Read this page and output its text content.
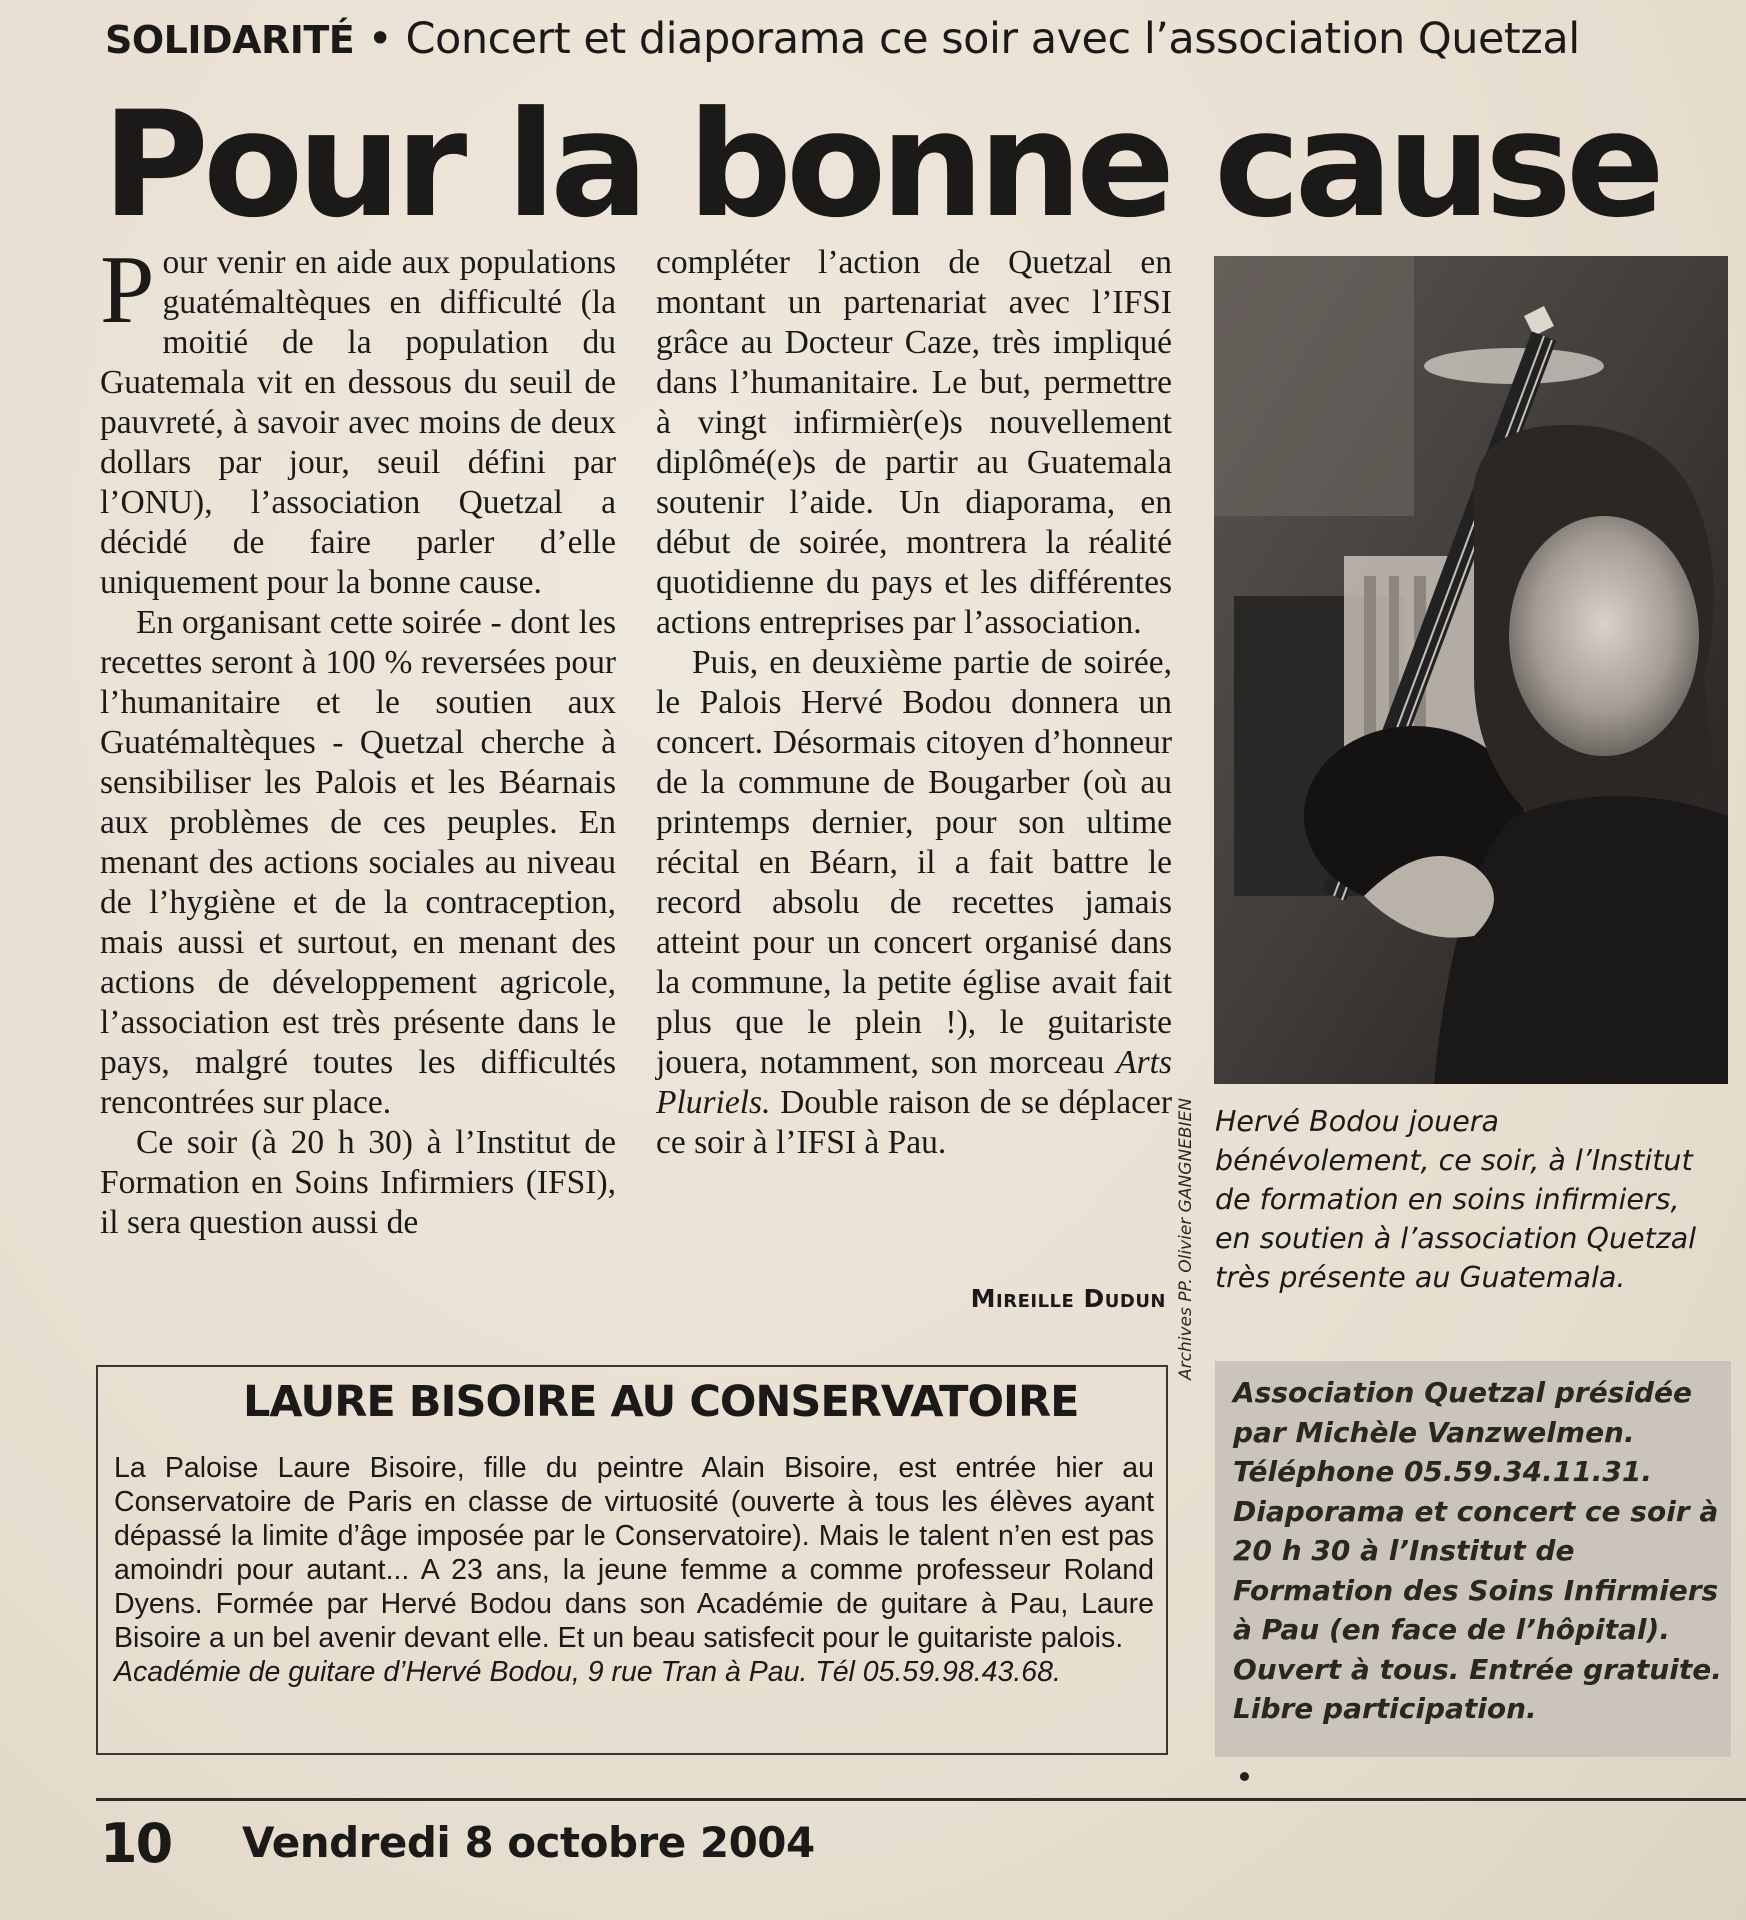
SOLIDARITÉ • Concert et diaporama ce soir avec l’association Quetzal
Pour la bonne cause

Pour venir en aide aux populations guatémaltèques en difficulté (la moitié de la population du Guatemala vit en dessous du seuil de pauvreté, à savoir avec moins de deux dollars par jour, seuil défini par l’ONU), l’association Quetzal a décidé de faire parler d’elle uniquement pour la bonne cause.

En organisant cette soirée - dont les recettes seront à 100 % reversées pour l’humanitaire et le soutien aux Guatémaltèques - Quetzal cherche à sensibiliser les Palois et les Béarnais aux problèmes de ces peuples. En menant des actions sociales au niveau de l’hygiène et de la contraception, mais aussi et surtout, en menant des actions de développement agricole, l’association est très présente dans le pays, malgré toutes les difficultés rencontrées sur place.

Ce soir (à 20 h 30) à l’Institut de Formation en Soins Infirmiers (IFSI), il sera question aussi de

compléter l’action de Quetzal en montant un partenariat avec l’IFSI grâce au Docteur Caze, très impliqué dans l’humanitaire. Le but, permettre à vingt infirmièr(e)s nouvellement diplômé(e)s de partir au Guatemala soutenir l’aide. Un diaporama, en début de soirée, montrera la réalité quotidienne du pays et les différentes actions entreprises par l’association.

Puis, en deuxième partie de soirée, le Palois Hervé Bodou donnera un concert. Désormais citoyen d’honneur de la commune de Bougarber (où au printemps dernier, pour son ultime récital en Béarn, il a fait battre le record absolu de recettes jamais atteint pour un concert organisé dans la commune, la petite église avait fait plus que le plein !), le guitariste jouera, notamment, son morceau Arts Pluriels. Double raison de se déplacer ce soir à l’IFSI à Pau.

Mireille Dudun Archives PP. Olivier GANGNEBIEN Hervé Bodou jouera bénévolement, ce soir, à l’Institut de formation en soins infirmiers, en soutien à l’association Quetzal très présente au Guatemala.
LAURE BISOIRE AU CONSERVATOIRE
La Paloise Laure Bisoire, fille du peintre Alain Bisoire, est entrée hier au Conservatoire de Paris en classe de virtuosité (ouverte à tous les élèves ayant dépassé la limite d’âge imposée par le Conservatoire). Mais le talent n’en est pas amoindri pour autant... A 23 ans, la jeune femme a comme professeur Roland Dyens. Formée par Hervé Bodou dans son Académie de guitare à Pau, Laure Bisoire a un bel avenir devant elle. Et un beau satisfecit pour le guitariste palois.
Académie de guitare d’Hervé Bodou, 9 rue Tran à Pau. Tél 05.59.98.43.68.
Association Quetzal présidée par Michèle Vanzwelmen. Téléphone 05.59.34.11.31. Diaporama et concert ce soir à 20 h 30 à l’Institut de Formation des Soins Infirmiers à Pau (en face de l’hôpital). Ouvert à tous. Entrée gratuite. Libre participation.
10 Vendredi 8 octobre 2004
